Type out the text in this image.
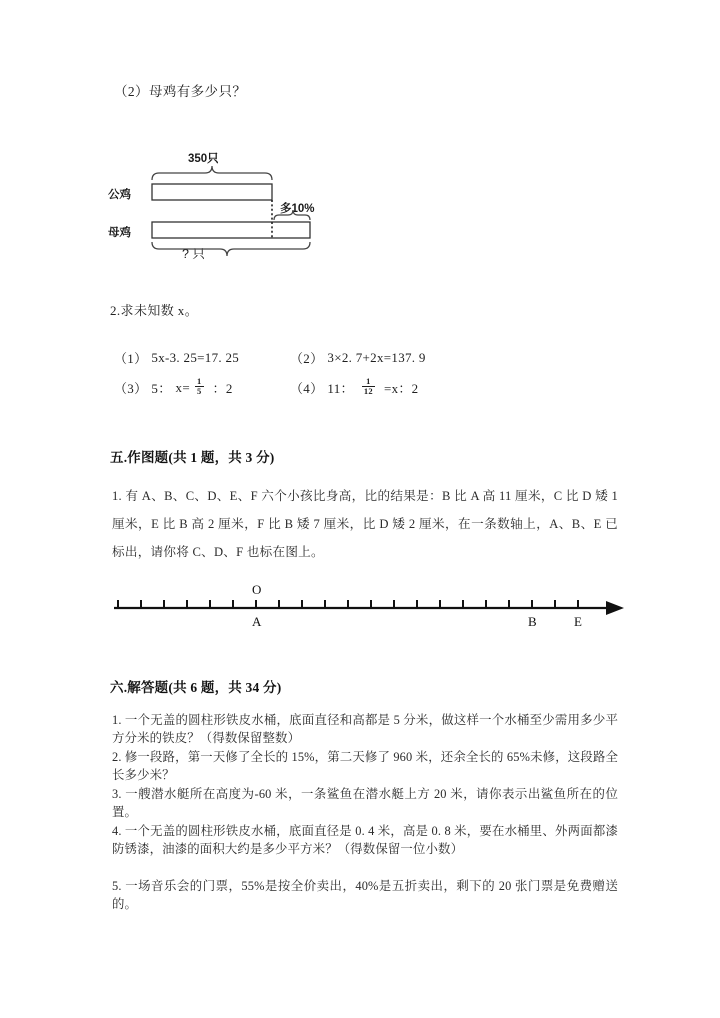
（2）母鸡有多少只？
350只
公鸡
母鸡
多10%
? 只
2.求未知数 x。
（1） 5x-3. 25=17. 25	（2） 3×2. 7+2x=137. 9
（3） 5： $x= \frac{1}{5}$ ：2	（4） 11： $\frac{1}{12} =x$：2
五.作图题(共 1 题，共 3 分)
1. 有 A、B、C、D、E、F 六个小孩比身高，比的结果是：B 比 A 高 11 厘米，C 比 D 矮 1 厘米，E 比 B 高 2 厘米，F 比 B 矮 7 厘米，比 D 矮 2 厘米，在一条数轴上，A、B、E 已标出，请你将 C、D、F 也标在图上。
O
A	B	E
六.解答题(共 6 题，共 34 分)
1. 一个无盖的圆柱形铁皮水桶，底面直径和高都是 5 分米，做这样一个水桶至少需用多少平方分米的铁皮？（得数保留整数）
2. 修一段路，第一天修了全长的 15%，第二天修了 960 米，还余全长的 65%未修，这段路全长多少米？
3. 一艘潜水艇所在高度为-60 米，一条鲨鱼在潜水艇上方 20 米，请你表示出鲨鱼所在的位置。
4. 一个无盖的圆柱形铁皮水桶，底面直径是 0. 4 米，高是 0. 8 米，要在水桶里、外两面都漆防锈漆，油漆的面积大约是多少平方米？（得数保留一位小数）
5. 一场音乐会的门票，55%是按全价卖出，40%是五折卖出，剩下的 20 张门票是免费赠送的。
